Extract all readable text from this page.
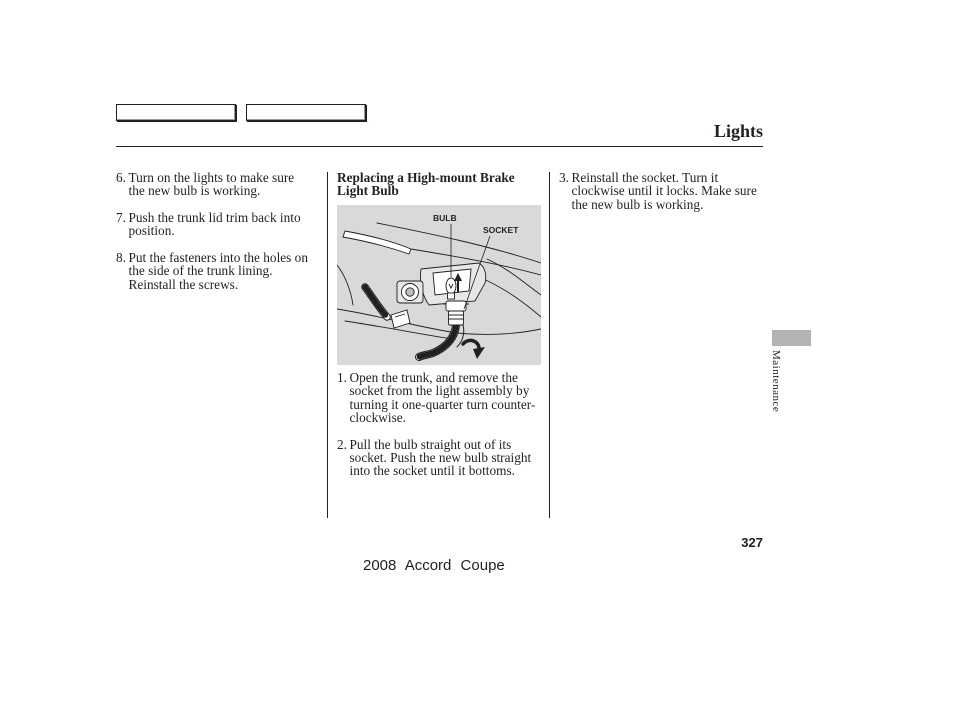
Lights
6. Turn on the lights to make sure
the new bulb is working.
7. Push the trunk lid trim back into
position.
8. Put the fasteners into the holes on
the side of the trunk lining.
Reinstall the screws.
Replacing a High-mount Brake
Light Bulb
BULB
SOCKET
1. Open the trunk, and remove the
socket from the light assembly by
turning it one-quarter turn counter-
clockwise.
2. Pull the bulb straight out of its
socket. Push the new bulb straight
into the socket until it bottoms.
3. Reinstall the socket. Turn it
clockwise until it locks. Make sure
the new bulb is working.
Maintenance
327
2008 Accord Coupe
